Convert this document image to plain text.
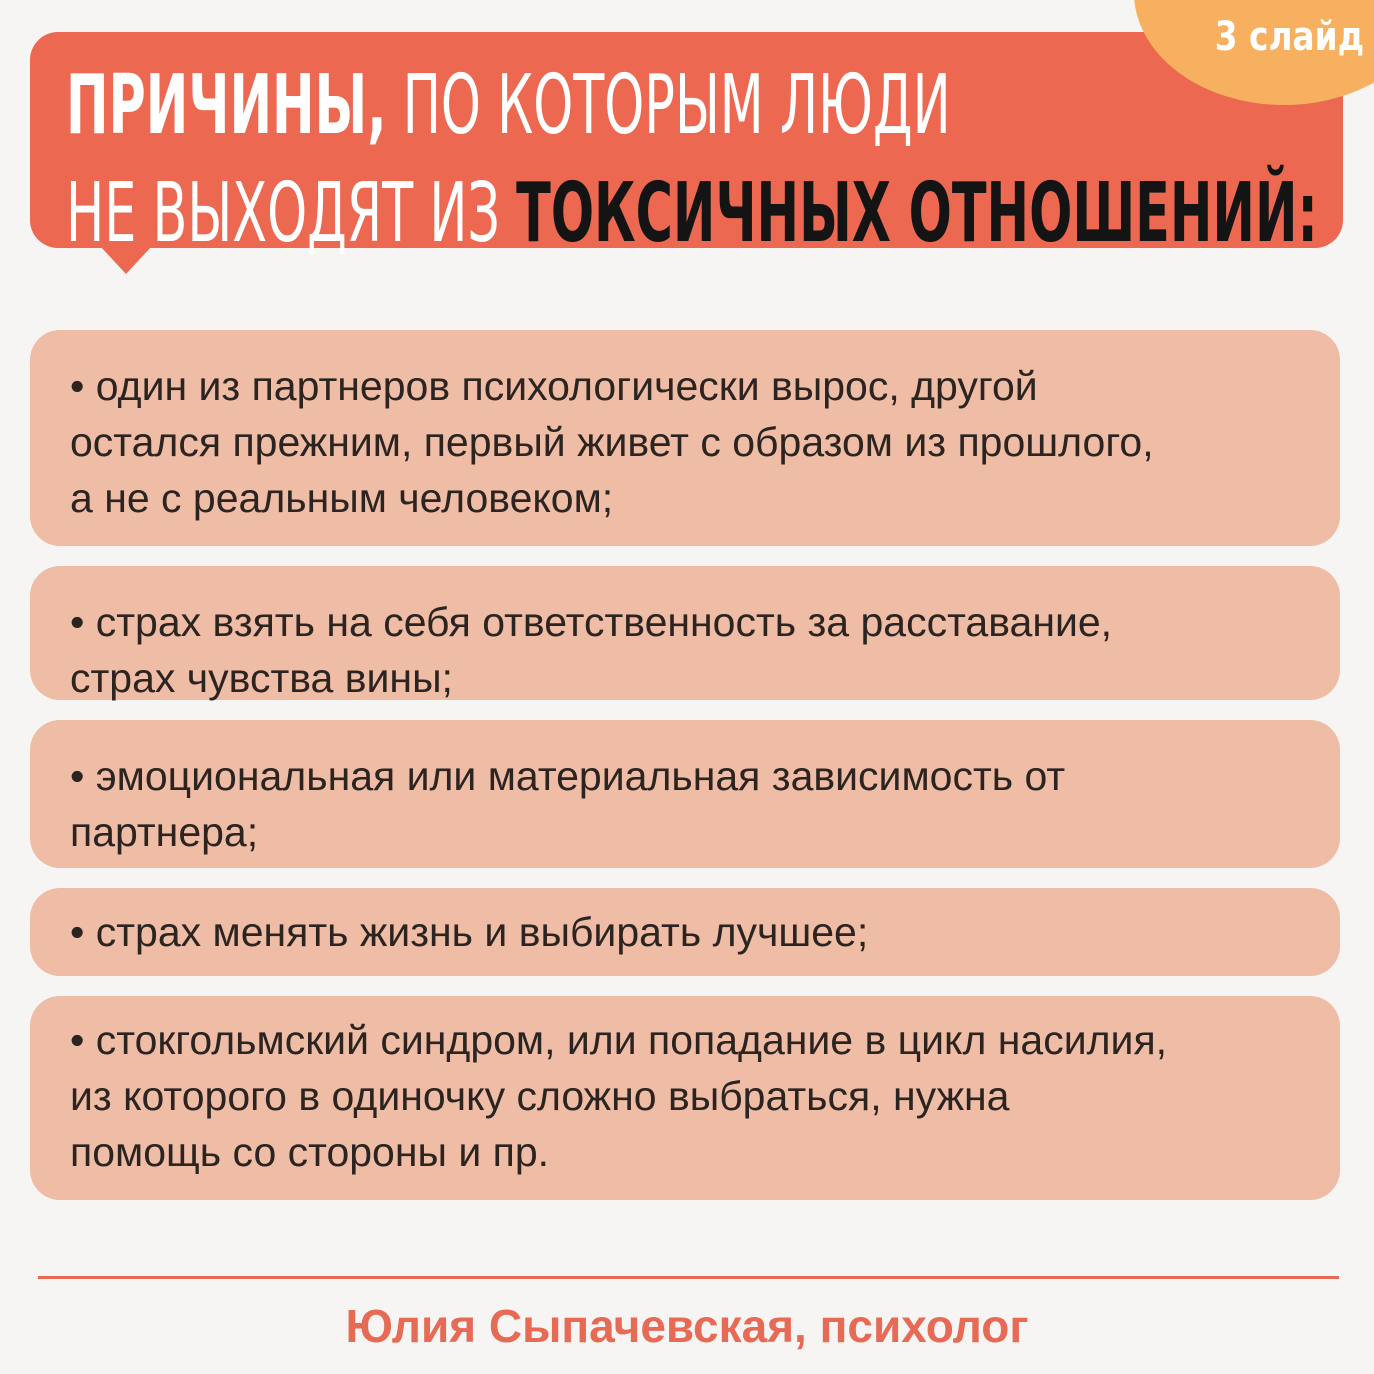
3 слайд
ПРИЧИНЫ, ПО КОТОРЫМ ЛЮДИ
НЕ ВЫХОДЯТ ИЗ ТОКСИЧНЫХ ОТНОШЕНИЙ:
• один из партнеров психологически вырос, другой
остался прежним, первый живет с образом из прошлого,
а не с реальным человеком;
• страх взять на себя ответственность за расставание,
страх чувства вины;
• эмоциональная или материальная зависимость от
партнера;
• страх менять жизнь и выбирать лучшее;
• стокгольмский синдром, или попадание в цикл насилия,
из которого в одиночку сложно выбраться, нужна
помощь со стороны и пр.
Юлия Сыпачевская, психолог
